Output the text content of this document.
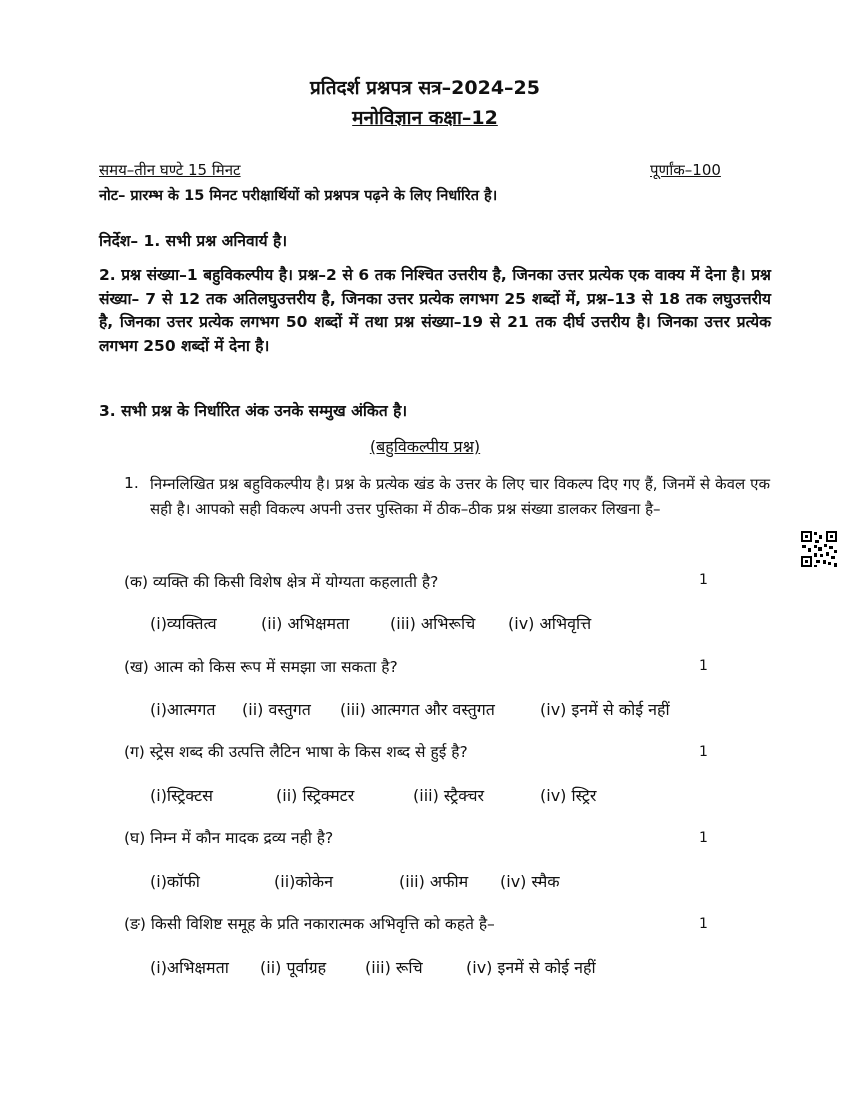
प्रतिदर्श प्रश्नपत्र सत्र–2024–25
मनोविज्ञान कक्षा–12
समय–तीन घण्टे 15 मिनट	पूर्णांक–100
नोट– प्रारम्भ के 15 मिनट परीक्षार्थियों को प्रश्नपत्र पढ़ने के लिए निर्धारित है।
निर्देश– 1. सभी प्रश्न अनिवार्य है।
2. प्रश्न संख्या–1 बहुविकल्पीय है। प्रश्न–2 से 6 तक निश्चित उत्तरीय है, जिनका उत्तर प्रत्येक एक वाक्य में देना है। प्रश्न संख्या– 7 से 12 तक अतिलघुउत्तरीय है, जिनका उत्तर प्रत्येक लगभग 25 शब्दों में, प्रश्न–13 से 18 तक लघुउत्तरीय है, जिनका उत्तर प्रत्येक लगभग 50 शब्दों में तथा प्रश्न संख्या–19 से 21 तक दीर्घ उत्तरीय है। जिनका उत्तर प्रत्येक लगभग 250 शब्दों में देना है।
3. सभी प्रश्न के निर्धारित अंक उनके सम्मुख अंकित है।
(बहुविकल्पीय प्रश्न)
1. निम्नलिखित प्रश्न बहुविकल्पीय है। प्रश्न के प्रत्येक खंड के उत्तर के लिए चार विकल्प दिए गए हैं, जिनमें से केवल एक सही है। आपको सही विकल्प अपनी उत्तर पुस्तिका में ठीक–ठीक प्रश्न संख्या डालकर लिखना है–
(क) व्यक्ति की किसी विशेष क्षेत्र में योग्यता कहलाती है?	1
(i)व्यक्तित्व	(ii) अभिक्षमता	(iii) अभिरूचि (iv) अभिवृत्ति
(ख) आत्म को किस रूप में समझा जा सकता है?	1
(i)आत्मगत (ii) वस्तुगत (iii) आत्मगत और वस्तुगत	(iv) इनमें से कोई नहीं
(ग) स्ट्रेस शब्द की उत्पत्ति लैटिन भाषा के किस शब्द से हुई है?	1
(i)स्ट्रिक्टस	(ii) स्ट्रिक्मटर	(iii) स्ट्रैक्चर	(iv) स्ट्रिर
(घ) निम्न में कौन मादक द्रव्य नही है?	1
(i)कॉफी	(ii)कोकेन	(iii) अफीम (iv) स्मैक
(ङ) किसी विशिष्ट समूह के प्रति नकारात्मक अभिवृत्ति को कहते है–	1
(i)अभिक्षमता (ii) पूर्वाग्रह (iii) रूचि	(iv) इनमें से कोई नहीं
